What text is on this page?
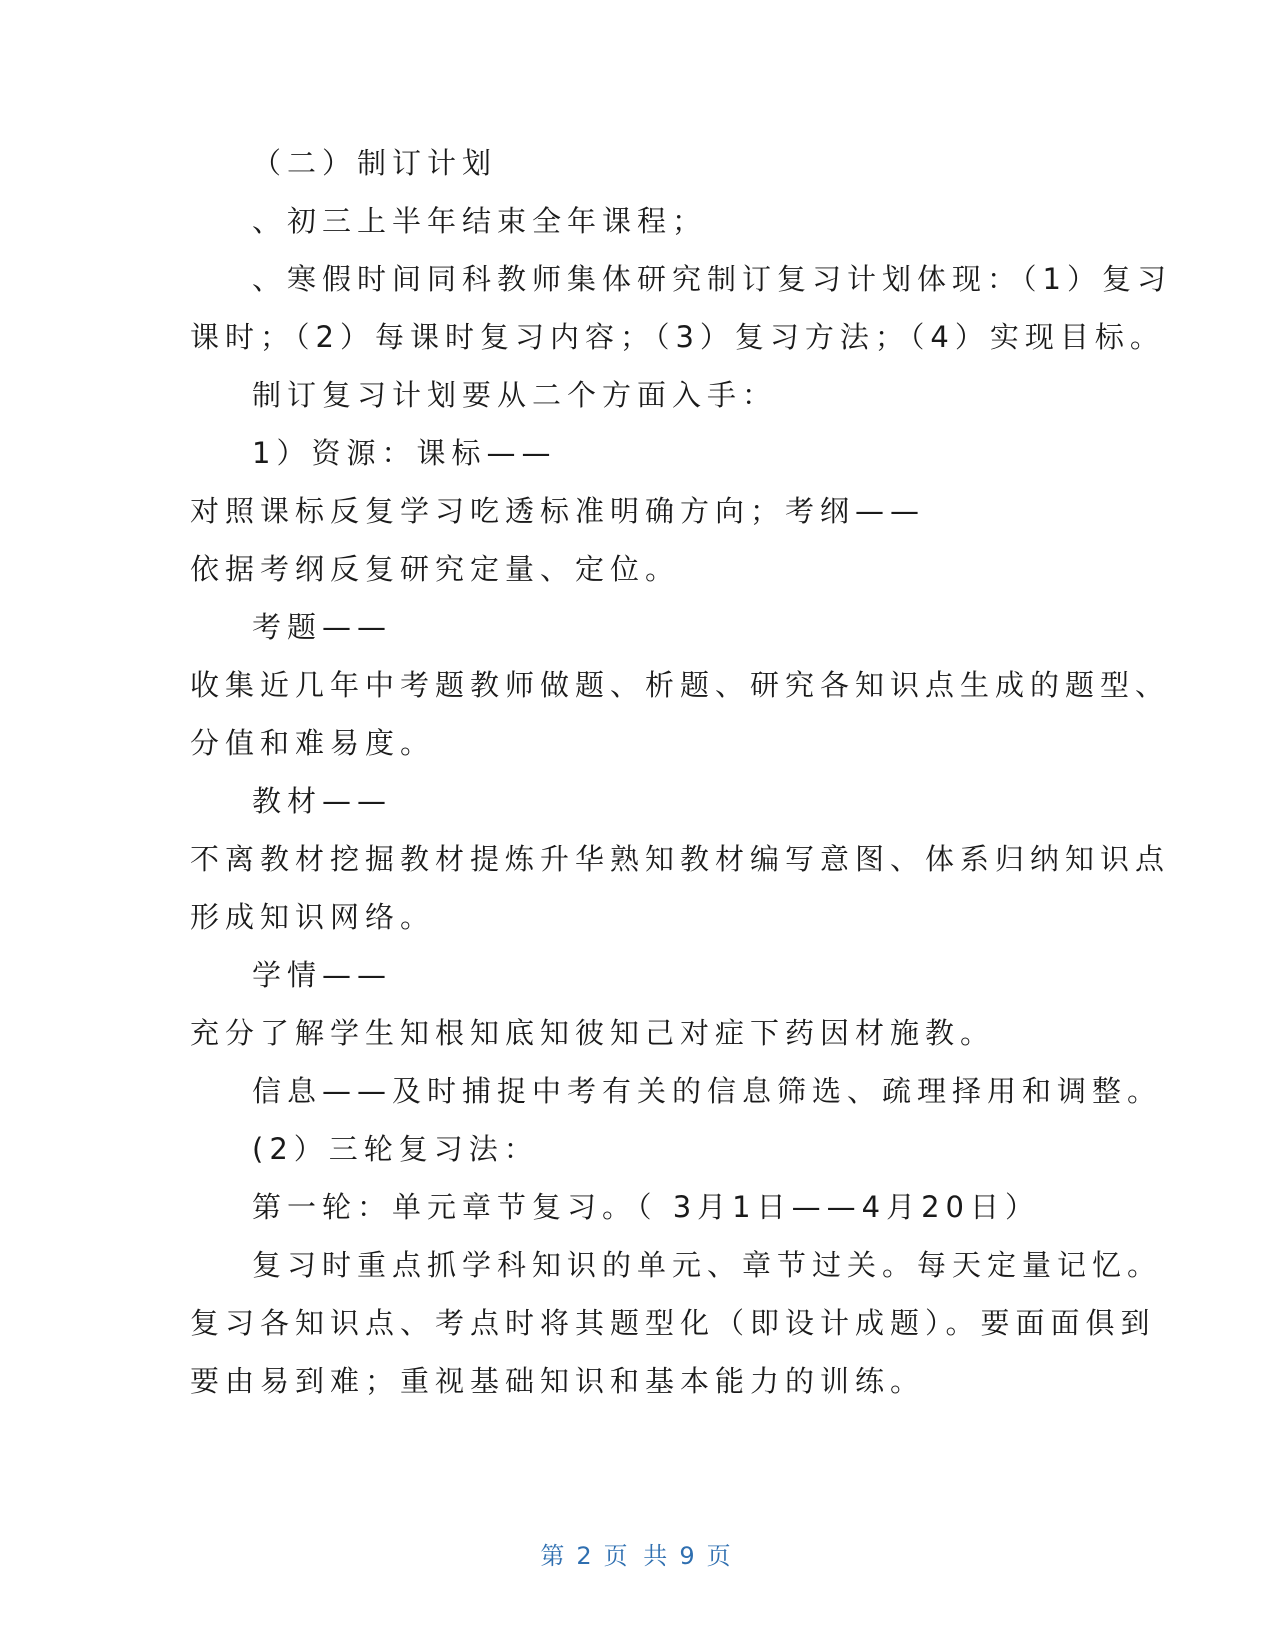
（二）制订计划
、初三上半年结束全年课程；
、寒假时间同科教师集体研究制订复习计划体现：（1）复习
课时；（2）每课时复习内容；（3）复习方法；（4）实现目标。
制订复习计划要从二个方面入手：
1）资源：课标——
对照课标反复学习吃透标准明确方向；考纲——
依据考纲反复研究定量、定位。
考题——
收集近几年中考题教师做题、析题、研究各知识点生成的题型、
分值和难易度。
教材——
不离教材挖掘教材提炼升华熟知教材编写意图、体系归纳知识点
形成知识网络。
学情——
充分了解学生知根知底知彼知己对症下药因材施教。
信息——及时捕捉中考有关的信息筛选、疏理择用和调整。
(2）三轮复习法：
第一轮：单元章节复习。（ 3月1日——4月20日）
复习时重点抓学科知识的单元、章节过关。每天定量记忆。
复习各知识点、考点时将其题型化（即设计成题）。要面面俱到
要由易到难；重视基础知识和基本能力的训练。
第 2 页 共 9 页
